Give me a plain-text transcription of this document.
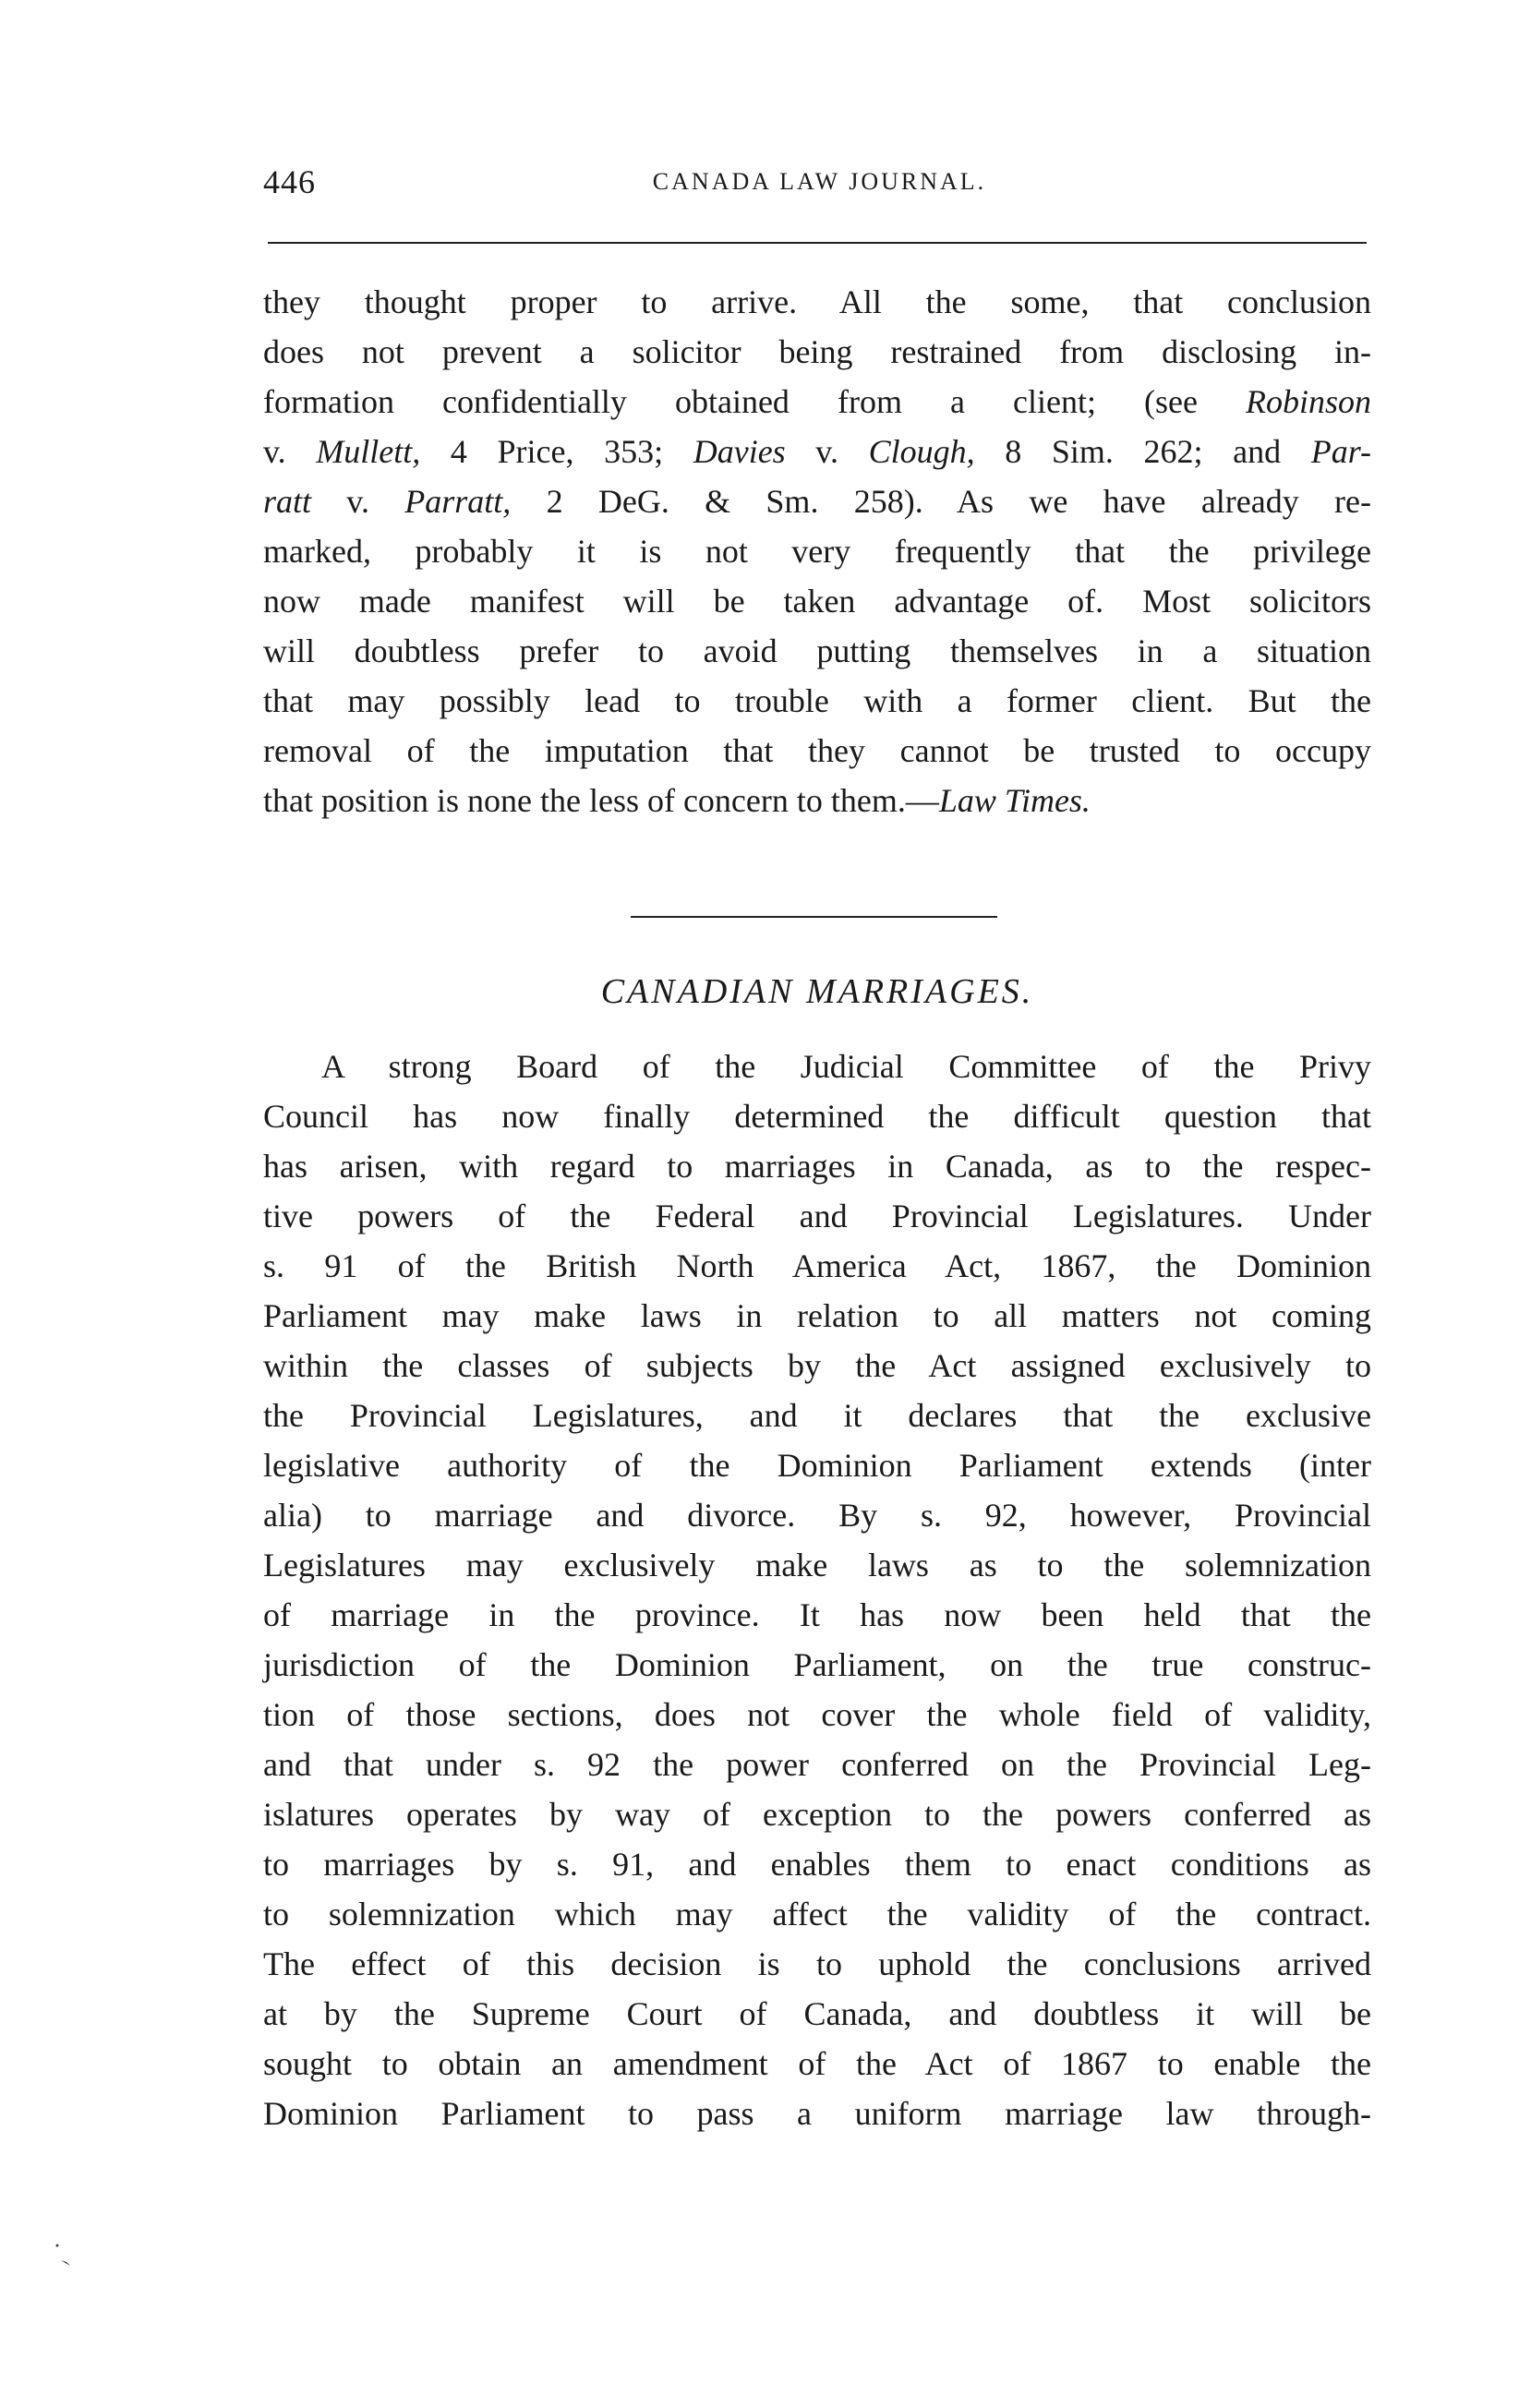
446	CANADA LAW JOURNAL.
they thought proper to arrive. All the some, that conclusion
does not prevent a solicitor being restrained from disclosing in-
formation confidentially obtained from a client; (see Robinson
v. Mullett, 4 Price, 353; Davies v. Clough, 8 Sim. 262; and Par-
ratt v. Parratt, 2 DeG. & Sm. 258). As we have already re-
marked, probably it is not very frequently that the privilege
now made manifest will be taken advantage of. Most solicitors
will doubtless prefer to avoid putting themselves in a situation
that may possibly lead to trouble with a former client. But the
removal of the imputation that they cannot be trusted to occupy
that position is none the less of concern to them.—Law Times.
CANADIAN MARRIAGES.
A strong Board of the Judicial Committee of the Privy
Council has now finally determined the difficult question that
has arisen, with regard to marriages in Canada, as to the respec-
tive powers of the Federal and Provincial Legislatures. Under
s. 91 of the British North America Act, 1867, the Dominion
Parliament may make laws in relation to all matters not coming
within the classes of subjects by the Act assigned exclusively to
the Provincial Legislatures, and it declares that the exclusive
legislative authority of the Dominion Parliament extends (inter
alia) to marriage and divorce. By s. 92, however, Provincial
Legislatures may exclusively make laws as to the solemnization
of marriage in the province. It has now been held that the
jurisdiction of the Dominion Parliament, on the true construc-
tion of those sections, does not cover the whole field of validity,
and that under s. 92 the power conferred on the Provincial Leg-
islatures operates by way of exception to the powers conferred as
to marriages by s. 91, and enables them to enact conditions as
to solemnization which may affect the validity of the contract.
The effect of this decision is to uphold the conclusions arrived
at by the Supreme Court of Canada, and doubtless it will be
sought to obtain an amendment of the Act of 1867 to enable the
Dominion Parliament to pass a uniform marriage law through-
